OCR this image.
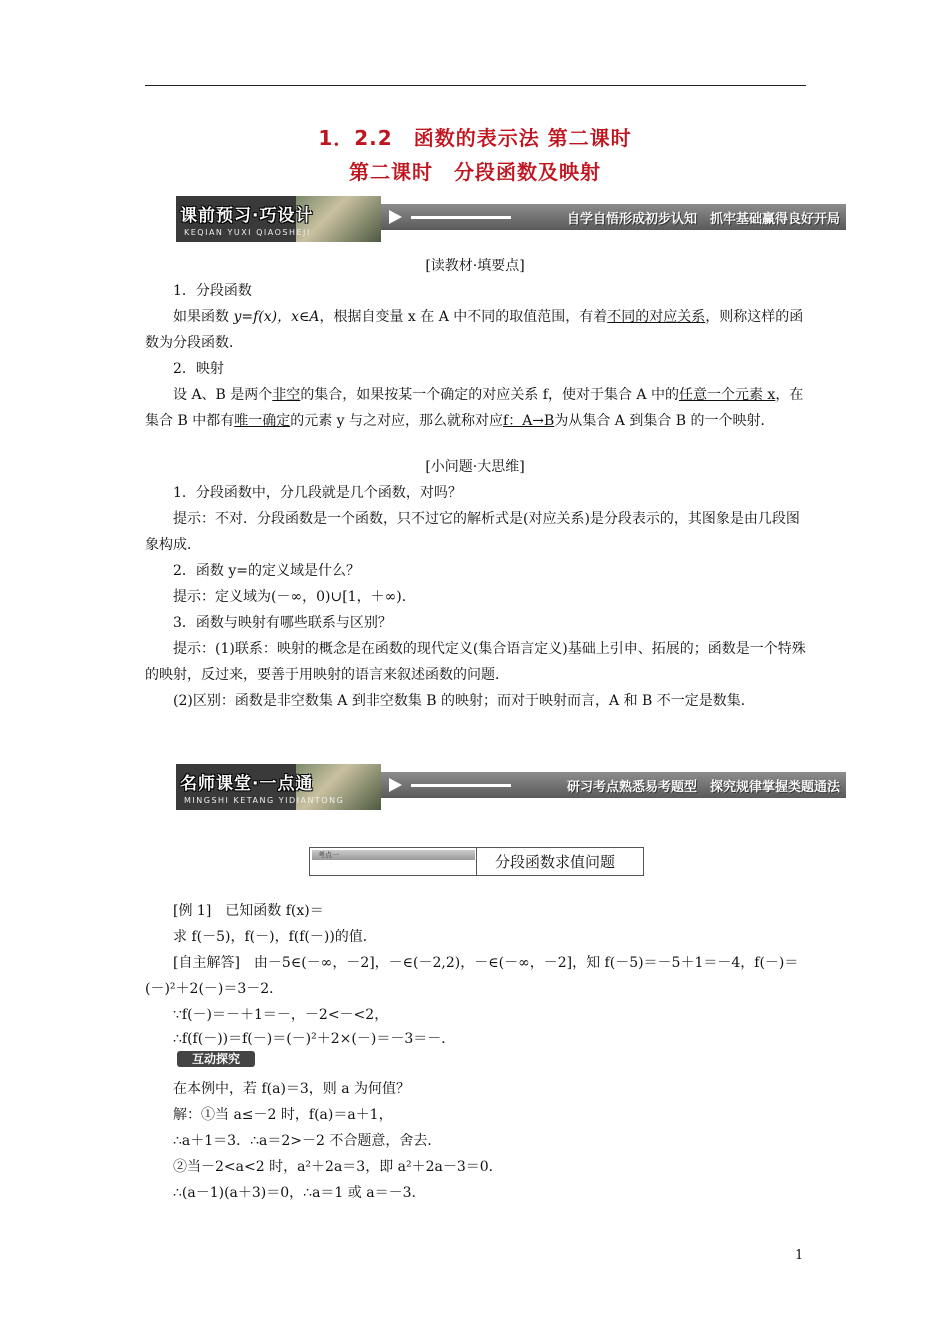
1．2.2　函数的表示法 第二课时
第二课时　分段函数及映射
课前预习·巧设计
KEQIAN YUXI QIAOSHEJI
自学自悟形成初步认知　抓牢基础赢得良好开局
[读教材·填要点]
1．分段函数
如果函数 y=f(x)，x∈A，根据自变量 x 在 A 中不同的取值范围，有着不同的对应关系，则称这样的函数为分段函数．
2．映射
设 A、B 是两个非空的集合，如果按某一个确定的对应关系 f，使对于集合 A 中的任意一个元素 x，在集合 B 中都有唯一确定的元素 y 与之对应，那么就称对应f：A→B为从集合 A 到集合 B 的一个映射．
[小问题·大思维]
1．分段函数中，分几段就是几个函数，对吗？
提示：不对．分段函数是一个函数，只不过它的解析式是(对应关系)是分段表示的，其图象是由几段图象构成．
2．函数 y=的定义域是什么？
提示：定义域为(－∞，0)∪[1，＋∞)．
3．函数与映射有哪些联系与区别？
提示：(1)联系：映射的概念是在函数的现代定义(集合语言定义)基础上引申、拓展的；函数是一个特殊的映射，反过来，要善于用映射的语言来叙述函数的问题．
(2)区别：函数是非空数集 A 到非空数集 B 的映射；而对于映射而言，A 和 B 不一定是数集．
名师课堂·一点通
MINGSHI KETANG YIDIANTONG
研习考点熟悉易考题型　探究规律掌握类题通法
考点一	分段函数求值问题
[例 1]　已知函数 f(x)＝
求 f(－5)，f(－)，f(f(－))的值．
[自主解答]　由－5∈(－∞，－2]，－∈(－2,2)，－∈(－∞，－2]，知 f(－5)＝－5＋1＝－4，f(－)＝(－)²＋2(－)＝3－2．
∵f(－)＝－＋1＝－，－2<－<2，
∴f(f(－))＝f(－)＝(－)²＋2×(－)＝－3＝－．
互动探究
在本例中，若 f(a)＝3，则 a 为何值？
解：①当 a≤－2 时，f(a)＝a＋1，
∴a＋1＝3．∴a＝2>－2 不合题意，舍去．
②当－2<a<2 时，a²＋2a＝3，即 a²＋2a－3＝0．
∴(a－1)(a＋3)＝0，∴a＝1 或 a＝－3．
1
